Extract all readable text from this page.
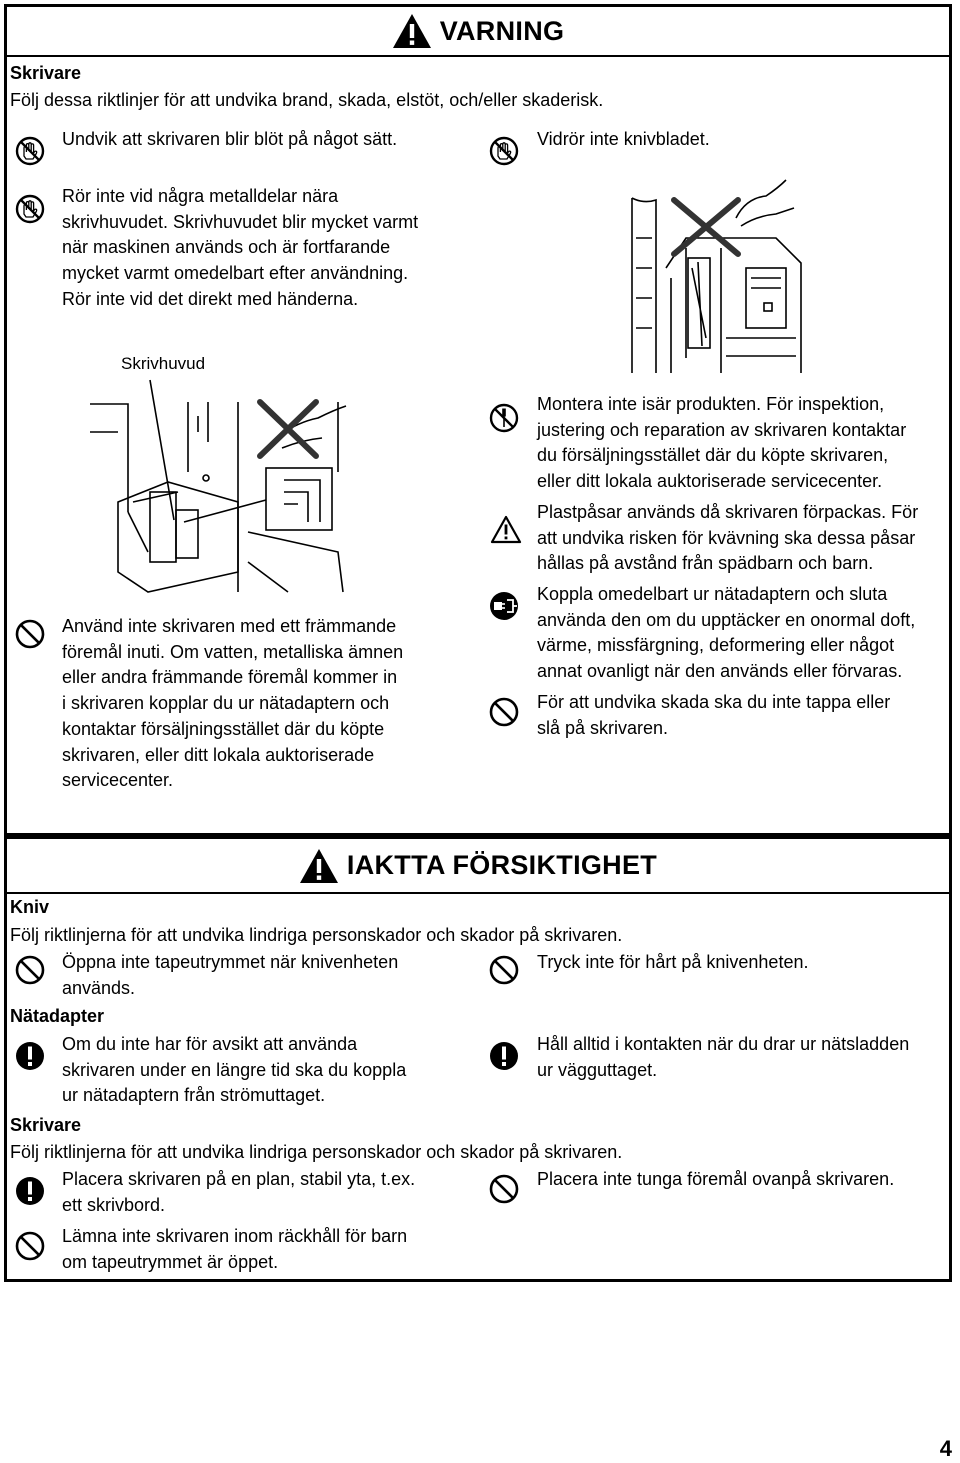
VARNING
Skrivare
Följ dessa riktlinjer för att undvika brand, skada, elstöt, och/eller skaderisk.
Undvik att skrivaren blir blöt på något sätt.	Vidrör inte knivbladet.
Rör inte vid några metalldelar nära
skrivhuvudet. Skrivhuvudet blir mycket varmt
när maskinen används och är fortfarande
mycket varmt omedelbart efter användning.
Rör inte vid det direkt med händerna.
Skrivhuvud
Använd inte skrivaren med ett främmande
föremål inuti. Om vatten, metalliska ämnen
eller andra främmande föremål kommer in
i skrivaren kopplar du ur nätadaptern och
kontaktar försäljningsstället där du köpte
skrivaren, eller ditt lokala auktoriserade
servicecenter.
Montera inte isär produkten. För inspektion,
justering och reparation av skrivaren kontaktar
du försäljningsstället där du köpte skrivaren,
eller ditt lokala auktoriserade servicecenter.
Plastpåsar används då skrivaren förpackas. För
att undvika risken för kvävning ska dessa påsar
hållas på avstånd från spädbarn och barn.
Koppla omedelbart ur nätadaptern och sluta
använda den om du upptäcker en onormal doft,
värme, missfärgning, deformering eller något
annat ovanligt när den används eller förvaras.
För att undvika skada ska du inte tappa eller
slå på skrivaren.
IAKTTA FÖRSIKTIGHET
Kniv
Följ riktlinjerna för att undvika lindriga personskador och skador på skrivaren.
Öppna inte tapeutrymmet när knivenheten
används.
Tryck inte för hårt på knivenheten.
Nätadapter
Om du inte har för avsikt att använda
skrivaren under en längre tid ska du koppla
ur nätadaptern från strömuttaget.
Håll alltid i kontakten när du drar ur nätsladden
ur vägguttaget.
Skrivare
Följ riktlinjerna för att undvika lindriga personskador och skador på skrivaren.
Placera skrivaren på en plan, stabil yta, t.ex.
ett skrivbord.
Placera inte tunga föremål ovanpå skrivaren.
Lämna inte skrivaren inom räckhåll för barn
om tapeutrymmet är öppet.
4
